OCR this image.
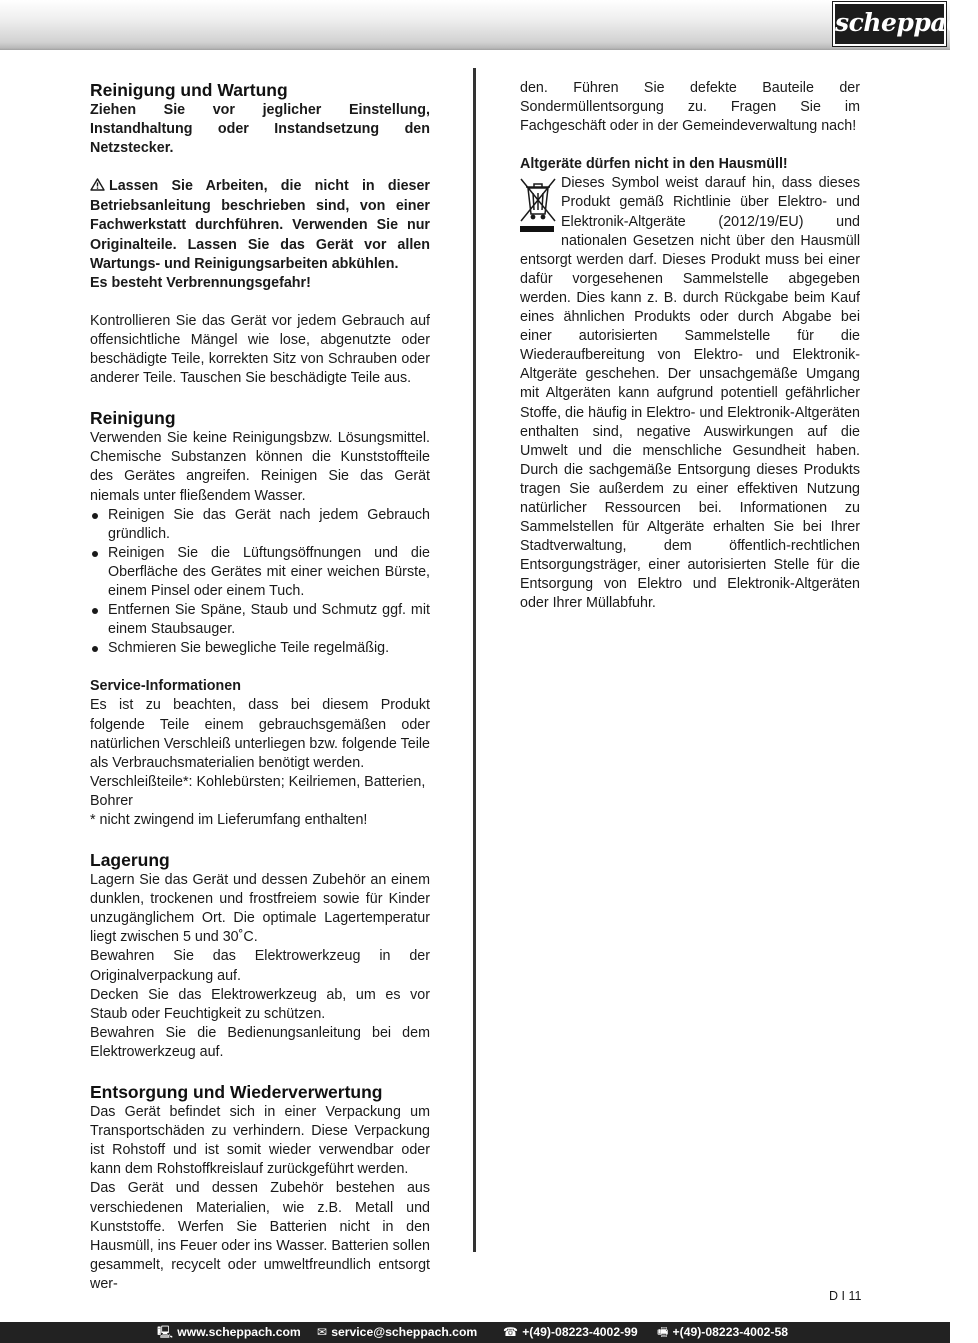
scheppach
Reinigung und Wartung

Ziehen Sie vor jeglicher Einstellung, Instandhaltung oder Instandsetzung den Netzstecker.

Lassen Sie Arbeiten, die nicht in dieser Betriebsanleitung beschrieben sind, von einer Fachwerkstatt durchführen. Verwenden Sie nur Originalteile. Lassen Sie das Gerät vor allen Wartungs- und Reinigungsarbeiten abkühlen.

Es besteht Verbrennungsgefahr!

Kontrollieren Sie das Gerät vor jedem Gebrauch auf offensichtliche Mängel wie lose, abgenutzte oder beschädigte Teile, korrekten Sitz von Schrauben oder anderer Teile. Tauschen Sie beschädigte Teile aus.

Reinigung

Verwenden Sie keine Reinigungsbzw. Lösungsmittel. Chemische Substanzen können die Kunststoffteile des Gerätes angreifen. Reinigen Sie das Gerät niemals unter fließendem Wasser.

Reinigen Sie das Gerät nach jedem Gebrauch gründlich.
Reinigen Sie die Lüftungsöffnungen und die Oberfläche des Gerätes mit einer weichen Bürste, einem Pinsel oder einem Tuch.
Entfernen Sie Späne, Staub und Schmutz ggf. mit einem Staubsauger.
Schmieren Sie bewegliche Teile regelmäßig.
Service-Informationen

Es ist zu beachten, dass bei diesem Produkt folgende Teile einem gebrauchsgemäßen oder natürlichen Verschleiß unterliegen bzw. folgende Teile als Verbrauchsmaterialien benötigt werden.

Verschleißteile*: Kohlebürsten; Keilriemen, Batterien, Bohrer

* nicht zwingend im Lieferumfang enthalten!

Lagerung

Lagern Sie das Gerät und dessen Zubehör an einem dunklen, trockenen und frostfreiem sowie für Kinder unzugänglichem Ort. Die optimale Lagertemperatur liegt zwischen 5 und 30˚C.

Bewahren Sie das Elektrowerkzeug in der Originalverpackung auf.

Decken Sie das Elektrowerkzeug ab, um es vor Staub oder Feuchtigkeit zu schützen.

Bewahren Sie die Bedienungsanleitung bei dem Elektrowerkzeug auf.

Entsorgung und Wiederverwertung

Das Gerät befindet sich in einer Verpackung um Transportschäden zu verhindern. Diese Verpackung ist Rohstoff und ist somit wieder verwendbar oder kann dem Rohstoffkreislauf zurückgeführt werden.

Das Gerät und dessen Zubehör bestehen aus verschiedenen Materialien, wie z.B. Metall und Kunststoffe. Werfen Sie Batterien nicht in den Hausmüll, ins Feuer oder ins Wasser. Batterien sollen gesammelt, recycelt oder umweltfreundlich entsorgt wer-

den. Führen Sie defekte Bauteile der Sondermüllentsorgung zu. Fragen Sie im Fachgeschäft oder in der Gemeindeverwaltung nach!

Altgeräte dürfen nicht in den Hausmüll!

Dieses Symbol weist darauf hin, dass dieses Produkt gemäß Richtlinie über Elektro- und Elektronik-Altgeräte (2012/19/EU) und nationalen Gesetzen nicht über den Hausmüll entsorgt werden darf. Dieses Produkt muss bei einer dafür vorgesehenen Sammelstelle abgegeben werden. Dies kann z. B. durch Rückgabe beim Kauf eines ähnlichen Produkts oder durch Abgabe bei einer autorisierten Sammelstelle für die Wiederaufbereitung von Elektro- und Elektronik- Altgeräte geschehen. Der unsachgemäße Umgang mit Altgeräten kann aufgrund potentiell gefährlicher Stoffe, die häufig in Elektro- und Elektronik-Altgeräten enthalten sind, negative Auswirkungen auf die Umwelt und die menschliche Gesundheit haben. Durch die sachgemäße Entsorgung dieses Produkts tragen Sie außerdem zu einer effektiven Nutzung natürlicher Ressourcen bei. Informationen zu Sammelstellen für Altgeräte erhalten Sie bei Ihrer Stadtverwaltung, dem öffentlich-rechtlichen Entsorgungsträger, einer autorisierten Stelle für die Entsorgung von Elektro und Elektronik-Altgeräten oder Ihrer Müllabfuhr.

D I 11
🖳 www.scheppach.com ✉ service@scheppach.com ☎ +(49)-08223-4002-99 🖷 +(49)-08223-4002-58
